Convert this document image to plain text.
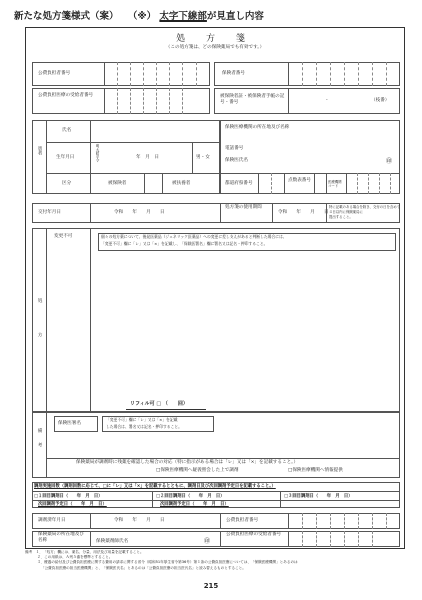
新たな処方箋様式（案） （※） 太字下線部が見直し内容
処 方 箋
（この処方箋は、どの保険薬局でも有効です。）
公費負担者番号	保険者番号
公費負担医療の受給者番号	被保険者証・被保険者手帳の記号・番号	-	（枝番）
患者
氏名
生年月日	明大昭平令	年　月　日	男・女
区分	被保険者	被扶養者
保険医療機関の所在地及び名称
電話番号
保険医氏名	㊞
都道府県番号
点数表番号	医療機関コード
交付年月日	令和　　年　　月　　日
処方箋の使用期間
令和　　年　　月　　日
特に記載のある場合を除き、交付の日を含めて
４日以内に保険薬局に
提出すること。
処方
変更不可	個々の処方薬について、後発医薬品（ジェネリック医薬品）への変更に差し支えがあると判断した場合には、
「変更不可」欄に「レ」又は「×」を記載し、「保険医署名」欄に署名又は記名・押印すること。
リフィル可 □ （　　回）
備考
保険医署名
「変更不可」欄に「レ」又は「×」を記載
した場合は、署名又は記名・押印すること。
保険薬局が調剤時に残薬を確認した場合の対応（特に指示がある場合は「レ」又は「×」を記載すること。）
□保険医療機関へ疑義照会した上で調剤	□保険医療機関へ情報提供
調剤実施回数（調剤回数に応じて、□に「レ」又は「×」を記載するとともに、調剤日及び次回調剤予定日を記載すること。）
□１回目調剤日（　　年　月　日）	□２回目調剤日（　　年　月　日）	□３回目調剤日（　　年　月　日）
次回調剤予定日（　　年　月　日）	次回調剤予定日（　　年　月　日）
調剤済年月日	令和　　年　　月　　日	公費負担者番号
保険薬局の所在地及び名称	保険薬剤師氏名	㊞
公費負担医療の受給者番号
備考　１．「処方」欄には、薬名、分量、用法及び用量を記載すること。
２．この用紙は、Ａ列５番を標準とすること。
３．療養の給付及び公費負担医療に関する費用の請求に関する省令（昭和51年厚生省令第36号）第１条の公費負担医療については、「保険医療機関」とあるのは
「公費負担医療の担当医療機関」と、「保険医氏名」とあるのは「公費負担医療の担当医氏名」と読み替えるものとすること。
215
